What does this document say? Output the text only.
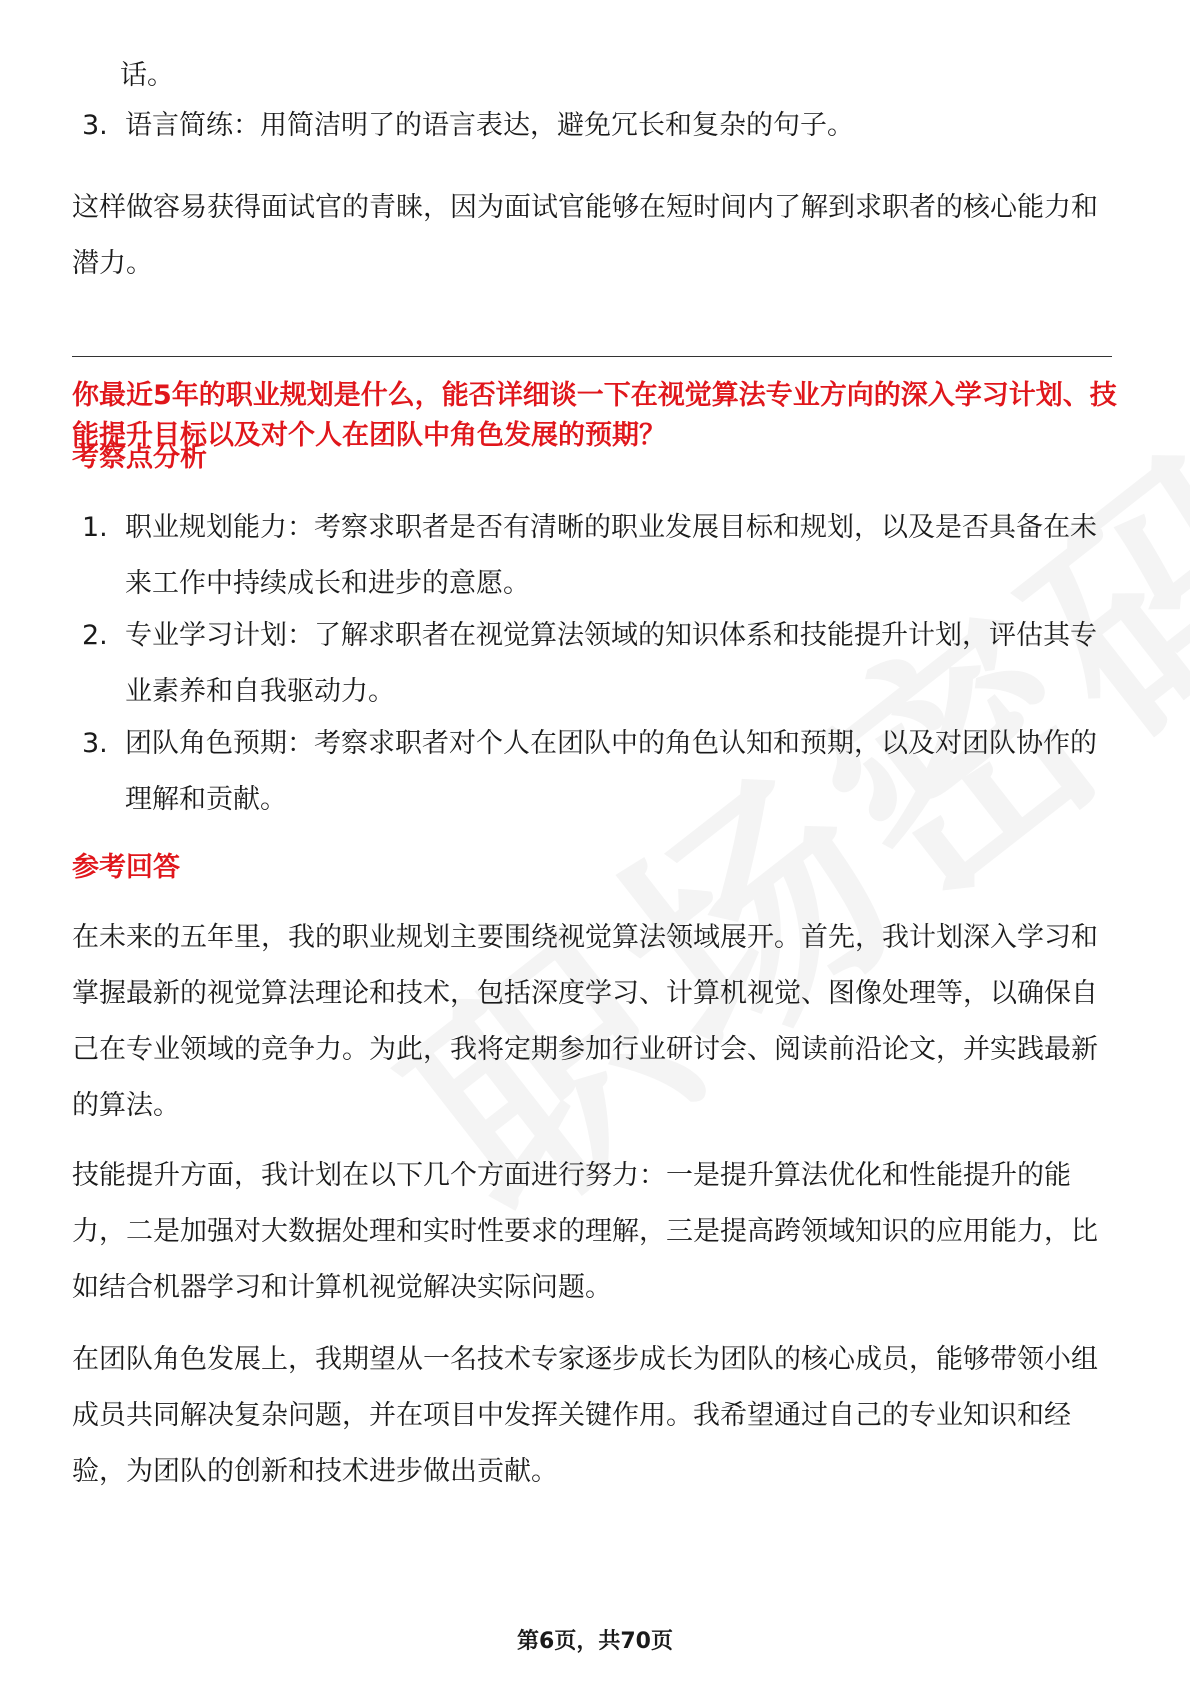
话。

3. 语言简练：用简洁明了的语言表达，避免冗长和复杂的句子。

这样做容易获得面试官的青睐，因为面试官能够在短时间内了解到求职者的核心能力和潜力。

你最近5年的职业规划是什么，能否详细谈一下在视觉算法专业方向的深入学习计划、技能提升目标以及对个人在团队中角色发展的预期？
考察点分析
1. 职业规划能力：考察求职者是否有清晰的职业发展目标和规划，以及是否具备在未来工作中持续成长和进步的意愿。
2. 专业学习计划：了解求职者在视觉算法领域的知识体系和技能提升计划，评估其专业素养和自我驱动力。
3. 团队角色预期：考察求职者对个人在团队中的角色认知和预期，以及对团队协作的理解和贡献。
参考回答

在未来的五年里，我的职业规划主要围绕视觉算法领域展开。首先，我计划深入学习和掌握最新的视觉算法理论和技术，包括深度学习、计算机视觉、图像处理等，以确保自己在专业领域的竞争力。为此，我将定期参加行业研讨会、阅读前沿论文，并实践最新的算法。

技能提升方面，我计划在以下几个方面进行努力：一是提升算法优化和性能提升的能力，二是加强对大数据处理和实时性要求的理解，三是提高跨领域知识的应用能力，比如结合机器学习和计算机视觉解决实际问题。

在团队角色发展上，我期望从一名技术专家逐步成长为团队的核心成员，能够带领小组成员共同解决复杂问题，并在项目中发挥关键作用。我希望通过自己的专业知识和经验，为团队的创新和技术进步做出贡献。

第6页，共70页
